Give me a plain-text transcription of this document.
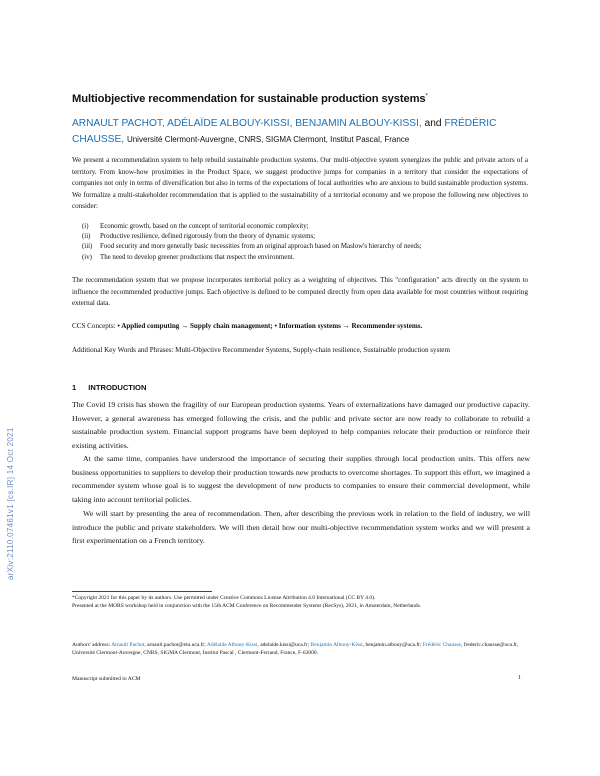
arXiv:2110.07461v1 [cs.IR] 14 Oct 2021
Multiobjective recommendation for sustainable production systems*
ARNAULT PACHOT, ADÉLAÏDE ALBOUY-KISSI, BENJAMIN ALBOUY-KISSI, and FRÉDÉRIC
CHAUSSE, Université Clermont-Auvergne, CNRS, SIGMA Clermont, Institut Pascal, France
We present a recommendation system to help rebuild sustainable production systems. Our multi-objective system synergizes the public and private actors of a territory. From know-how proximities in the Product Space, we suggest productive jumps for companies in a territory that consider the expectations of companies not only in terms of diversification but also in terms of the expectations of local authorities who are anxious to build sustainable production systems. We formalize a multi-stakeholder recommendation that is applied to the sustainability of a territorial economy and we propose the following new objectives to consider:
(i)	Economic growth, based on the concept of territorial economic complexity;
(ii)	Productive resilience, defined rigorously from the theory of dynamic systems;
(iii)	Food security and more generally basic necessities from an original approach based on Maslow's hierarchy of needs;
(iv)	The need to develop greener productions that respect the environment.
The recommendation system that we propose incorporates territorial policy as a weighting of objectives. This "configuration" acts directly on the system to influence the recommended productive jumps. Each objective is defined to be computed directly from open data available for most countries without requiring external data.
CCS Concepts: • Applied computing → Supply chain management; • Information systems → Recommender systems.
Additional Key Words and Phrases: Multi-Objective Recommender Systems, Supply-chain resilience, Sustainable production system
1 INTRODUCTION
The Covid 19 crisis has shown the fragility of our European production systems. Years of externalizations have damaged our productive capacity. However, a general awareness has emerged following the crisis, and the public and private sector are now ready to collaborate to rebuild a sustainable production system. Financial support programs have been deployed to help companies relocate their production or reinforce their existing activities.
At the same time, companies have understood the importance of securing their supplies through local production units. This offers new business opportunities to suppliers to develop their production towards new products to overcome shortages. To support this effort, we imagined a recommender system whose goal is to suggest the development of new products to companies to ensure their commercial development, while taking into account territorial policies.
We will start by presenting the area of recommendation. Then, after describing the previous work in relation to the field of industry, we will introduce the public and private stakeholders. We will then detail how our multi-objective recommendation system works and we will present a first experimentation on a French territory.
*Copyright 2021 for this paper by its authors. Use permitted under Creative Commons License Attribution 4.0 International (CC BY 4.0).
Presented at the MORS workshop held in conjunction with the 15th ACM Conference on Recommender Systems (RecSys), 2021, in Amsterdam, Netherlands.
Authors' address: Arnault Pachot, arnault.pachot@etu.uca.fr; Adélaïde Albouy-Kissi, adelaide.kissi@uca.fr; Benjamin Albouy-Kissi, benjamin.albouy@uca.fr; Frédéric Chausse, frederic.chausse@uca.fr, Université Clermont-Auvergne, CNRS, SIGMA Clermont, Institut Pascal , Clermont-Ferrand, France, F-63000.
Manuscript submitted to ACM	1
